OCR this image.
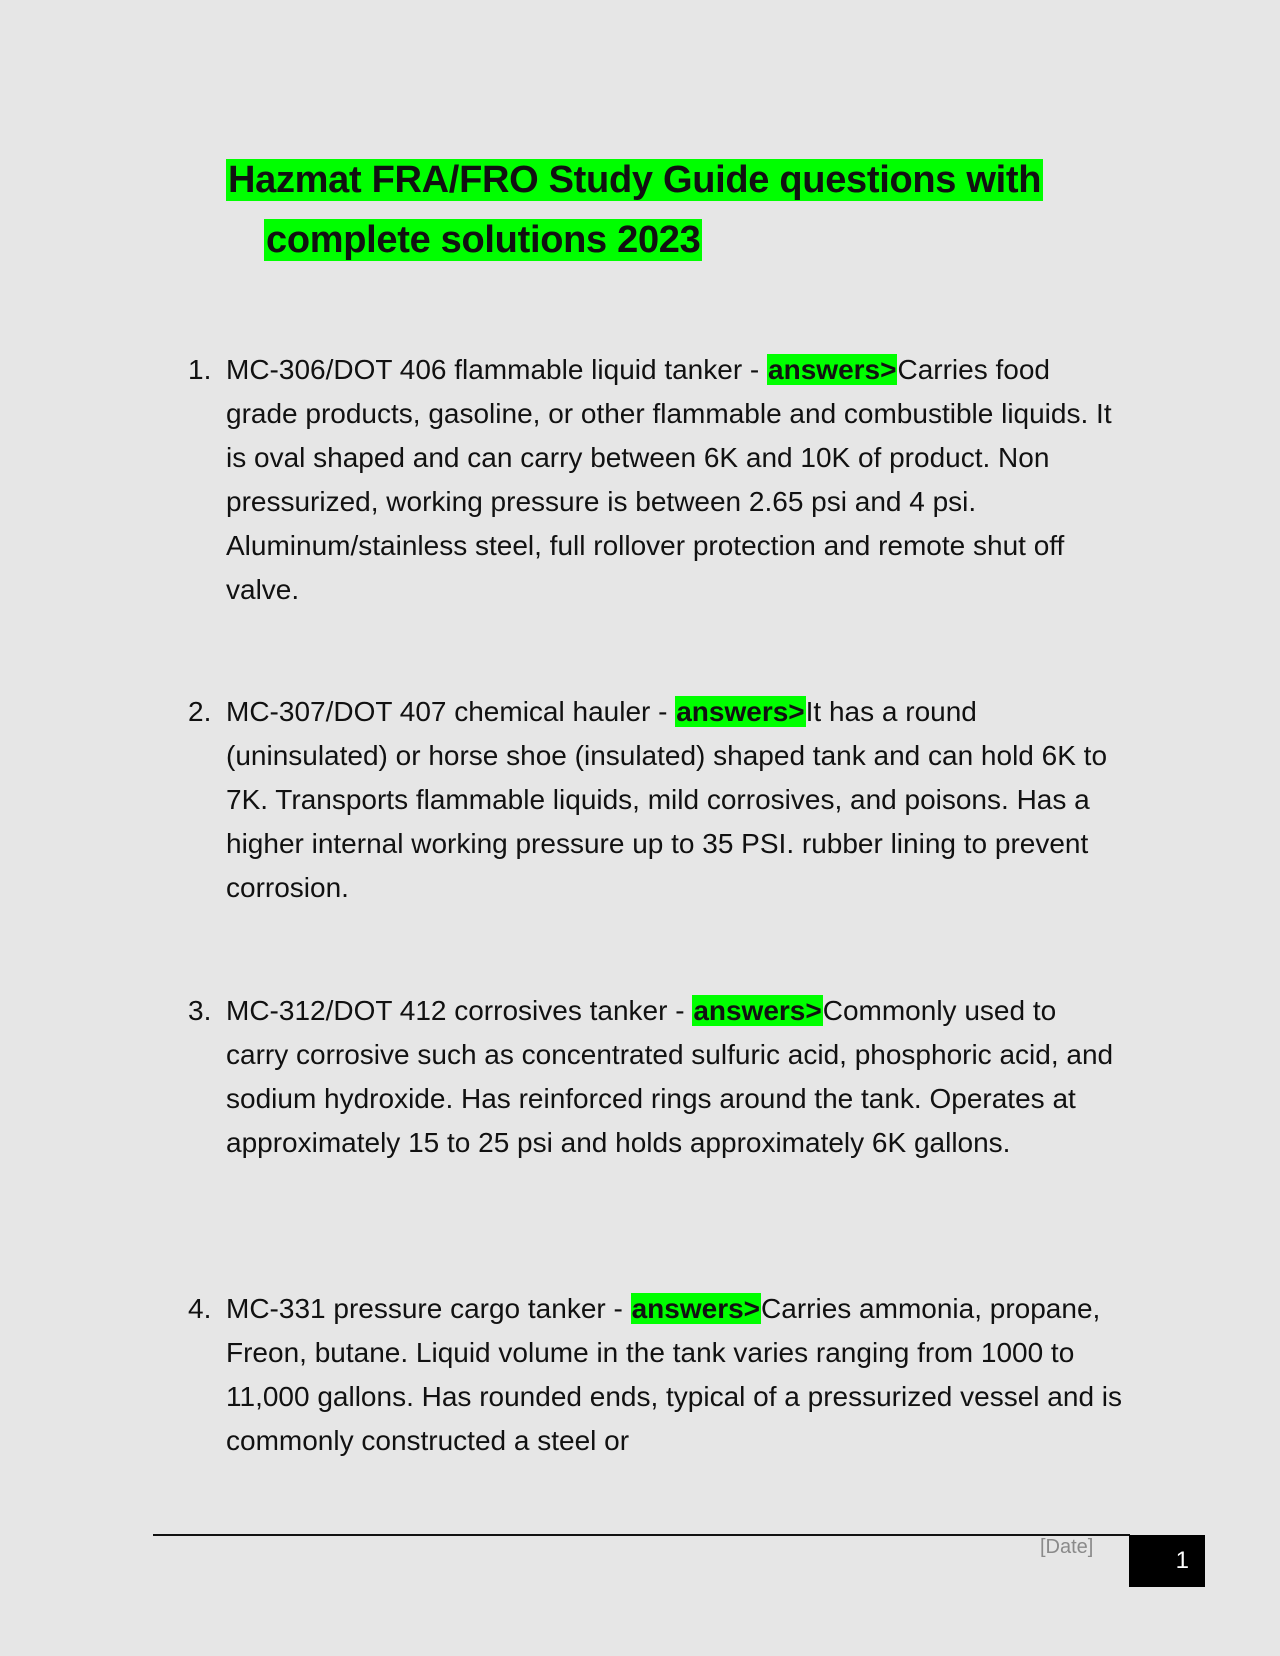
Hazmat FRA/FRO Study Guide questions with
complete solutions 2023
1. MC-306/DOT 406 flammable liquid tanker - answers>Carries food grade products, gasoline, or other flammable and combustible liquids. It is oval shaped and can carry between 6K and 10K of product. Non pressurized, working pressure is between 2.65 psi and 4 psi. Aluminum/stainless steel, full rollover protection and remote shut off valve.
2. MC-307/DOT 407 chemical hauler - answers>It has a round (uninsulated) or horse shoe (insulated) shaped tank and can hold 6K to 7K. Transports flammable liquids, mild corrosives, and poisons. Has a higher internal working pressure up to 35 PSI. rubber lining to prevent corrosion.
3. MC-312/DOT 412 corrosives tanker - answers>Commonly used to carry corrosive such as concentrated sulfuric acid, phosphoric acid, and sodium hydroxide. Has reinforced rings around the tank. Operates at approximately 15 to 25 psi and holds approximately 6K gallons.
4. MC-331 pressure cargo tanker - answers>Carries ammonia, propane, Freon, butane. Liquid volume in the tank varies ranging from 1000 to 11,000 gallons. Has rounded ends, typical of a pressurized vessel and is commonly constructed a steel or
[Date]	1
